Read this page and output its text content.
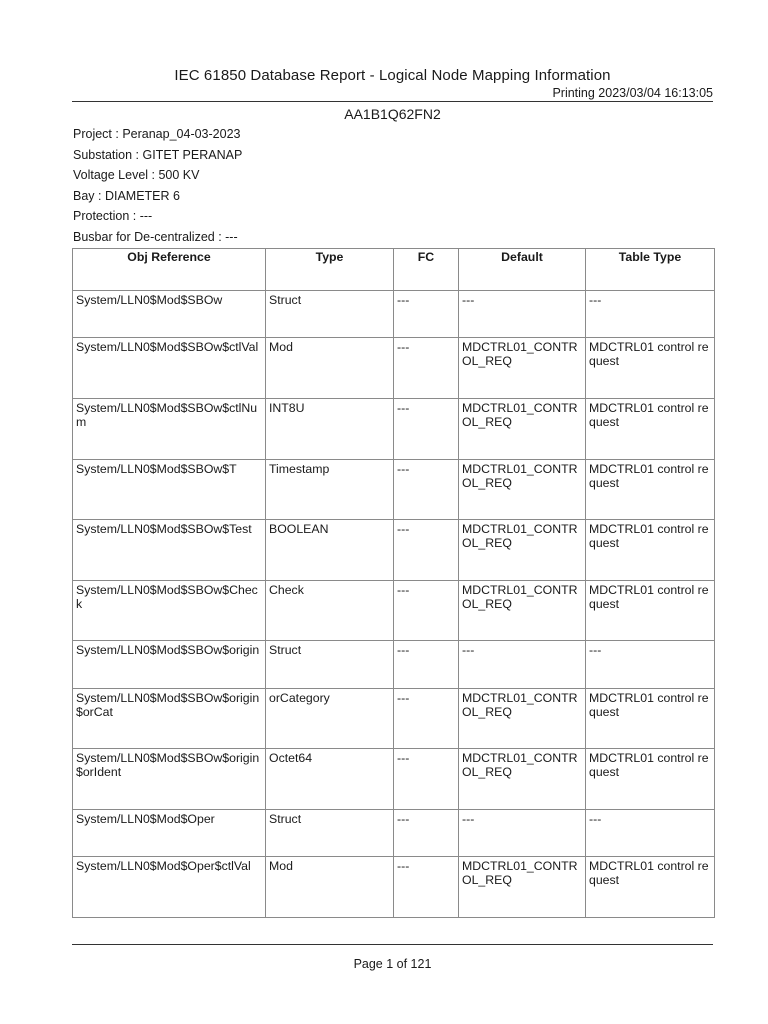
IEC 61850 Database Report - Logical Node Mapping Information
Printing 2023/03/04 16:13:05
AA1B1Q62FN2
Project : Peranap_04-03-2023
Substation : GITET PERANAP
Voltage Level : 500 KV
Bay : DIAMETER 6
Protection : ---
Busbar for De-centralized : ---
Obj Reference	Type	FC	Default	Table Type
System/LLN0$Mod$SBOw	Struct	---	---	---
System/LLN0$Mod$SBOw$ctlVal	Mod	---	MDCTRL01_CONTROL_REQ	MDCTRL01 control request
System/LLN0$Mod$SBOw$ctlNum	INT8U	---	MDCTRL01_CONTROL_REQ	MDCTRL01 control request
System/LLN0$Mod$SBOw$T	Timestamp	---	MDCTRL01_CONTROL_REQ	MDCTRL01 control request
System/LLN0$Mod$SBOw$Test	BOOLEAN	---	MDCTRL01_CONTROL_REQ	MDCTRL01 control request
System/LLN0$Mod$SBOw$Check	Check	---	MDCTRL01_CONTROL_REQ	MDCTRL01 control request
System/LLN0$Mod$SBOw$origin	Struct	---	---	---
System/LLN0$Mod$SBOw$origin$orCat	orCategory	---	MDCTRL01_CONTROL_REQ	MDCTRL01 control request
System/LLN0$Mod$SBOw$origin$orIdent	Octet64	---	MDCTRL01_CONTROL_REQ	MDCTRL01 control request
System/LLN0$Mod$Oper	Struct	---	---	---
System/LLN0$Mod$Oper$ctlVal	Mod	---	MDCTRL01_CONTROL_REQ	MDCTRL01 control request
Page 1 of 121
